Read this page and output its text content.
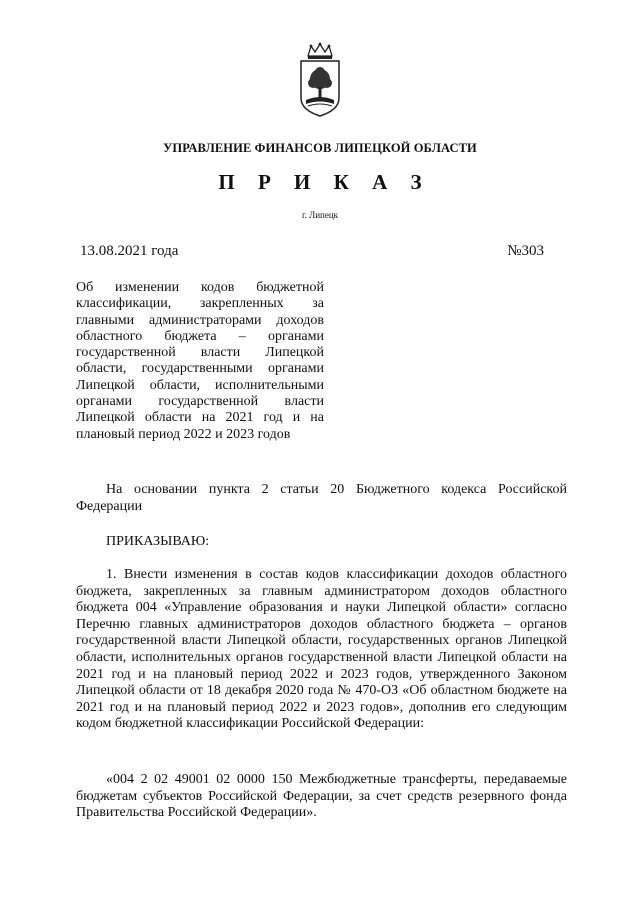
УПРАВЛЕНИЕ ФИНАНСОВ ЛИПЕЦКОЙ ОБЛАСТИ
П Р И К А З
г. Липецк
13.08.2021 года	№303
Об изменении кодов бюджетной классификации, закрепленных за главными администраторами доходов областного бюджета – органами государственной власти Липецкой области, государственными органами Липецкой области, исполнительными органами государственной власти Липецкой области на 2021 год и на плановый период 2022 и 2023 годов
На основании пункта 2 статьи 20 Бюджетного кодекса Российской Федерации
ПРИКАЗЫВАЮ:
1. Внести изменения в состав кодов классификации доходов областного бюджета, закрепленных за главным администратором доходов областного бюджета 004 «Управление образования и науки Липецкой области» согласно Перечню главных администраторов доходов областного бюджета – органов государственной власти Липецкой области, государственных органов Липецкой области, исполнительных органов государственной власти Липецкой области на 2021 год и на плановый период 2022 и 2023 годов, утвержденного Законом Липецкой области от 18 декабря 2020 года № 470-ОЗ «Об областном бюджете на 2021 год и на плановый период 2022 и 2023 годов», дополнив его следующим кодом бюджетной классификации Российской Федерации:
«004 2 02 49001 02 0000 150 Межбюджетные трансферты, передаваемые бюджетам субъектов Российской Федерации, за счет средств резервного фонда Правительства Российской Федерации».
